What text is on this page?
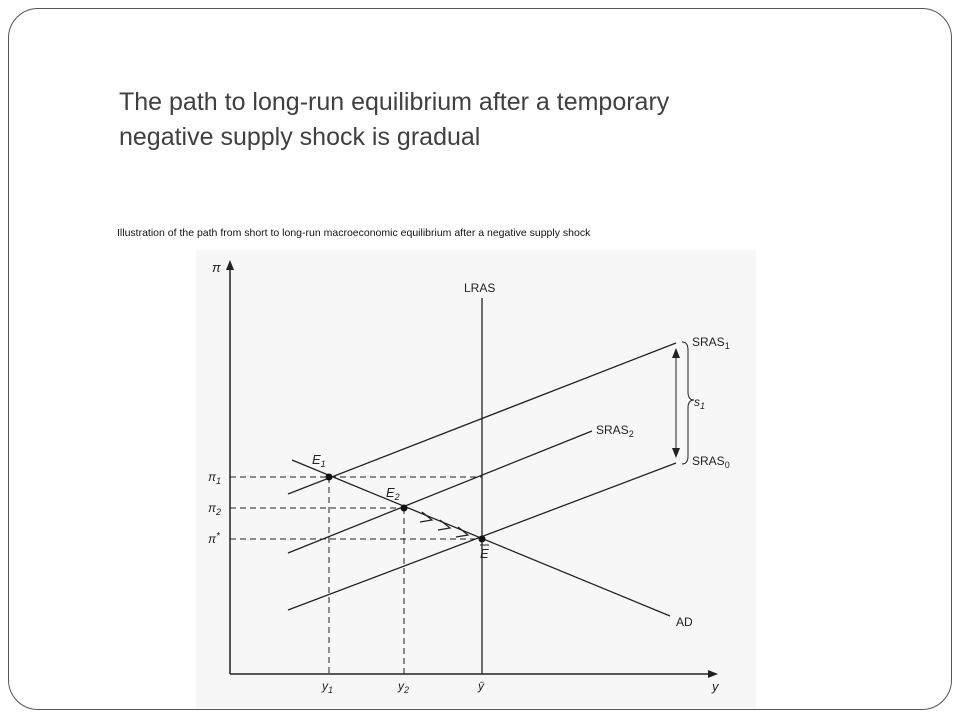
The path to long-run equilibrium after a temporary
negative supply shock is gradual
Illustration of the path from short to long-run macroeconomic equilibrium after a negative supply shock
π
y
LRAS
$SRAS_1$
$SRAS_2$
$SRAS_0$
AD
$s_1$
$E_1$
$E_2$
E
$\pi_1$
$\pi_2$
π*
$y_1$	$y_2$	ȳ
